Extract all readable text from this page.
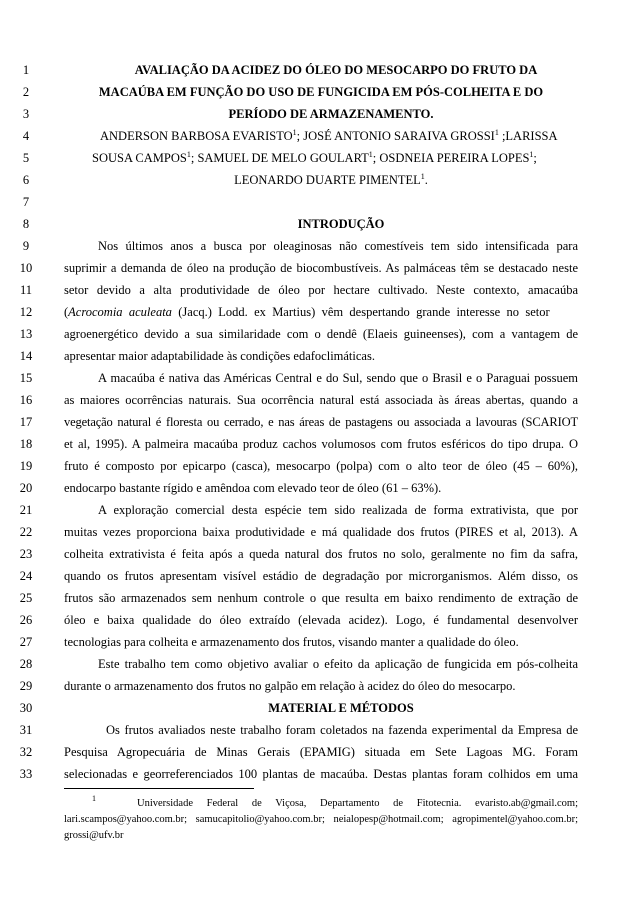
1	AVALIAÇÃO DA ACIDEZ DO ÓLEO DO MESOCARPO DO FRUTO DA
2	MACAÚBA EM FUNÇÃO DO USO DE FUNGICIDA EM PÓS-COLHEITA E DO
3	PERÍODO DE ARMAZENAMENTO.
4	ANDERSON BARBOSA EVARISTO$^1$; JOSÉ ANTONIO SARAIVA GROSSI$^1$ ;LARISSA
5	SOUSA CAMPOS$^1$; SAMUEL DE MELO GOULART$^1$; OSDNEIA PEREIRA LOPES$^1$;
6	LEONARDO DUARTE PIMENTEL$^1$.
7
8	INTRODUÇÃO
9	Nos últimos anos a busca por oleaginosas não comestíveis tem sido intensificada para
10	suprimir a demanda de óleo na produção de biocombustíveis. As palmáceas têm se destacado neste
11	setor devido a alta produtividade de óleo por hectare cultivado. Neste contexto, amacaúba
12	(Acrocomia aculeata (Jacq.) Lodd. ex Martius) vêm despertando grande interesse no setor
13	agroenergético devido a sua similaridade com o dendê (Elaeis guineenses), com a vantagem de
14	apresentar maior adaptabilidade às condições edafoclimáticas.
15	A macaúba é nativa das Américas Central e do Sul, sendo que o Brasil e o Paraguai possuem
16	as maiores ocorrências naturais. Sua ocorrência natural está associada às áreas abertas, quando a
17	vegetação natural é floresta ou cerrado, e nas áreas de pastagens ou associada a lavouras (SCARIOT
18	et al, 1995). A palmeira macaúba produz cachos volumosos com frutos esféricos do tipo drupa. O
19	fruto é composto por epicarpo (casca), mesocarpo (polpa) com o alto teor de óleo (45 – 60%),
20	endocarpo bastante rígido e amêndoa com elevado teor de óleo (61 – 63%).
21	A exploração comercial desta espécie tem sido realizada de forma extrativista, que por
22	muitas vezes proporciona baixa produtividade e má qualidade dos frutos (PIRES et al, 2013). A
23	colheita extrativista é feita após a queda natural dos frutos no solo, geralmente no fim da safra,
24	quando os frutos apresentam visível estádio de degradação por microrganismos. Além disso, os
25	frutos são armazenados sem nenhum controle o que resulta em baixo rendimento de extração de
26	óleo e baixa qualidade do óleo extraído (elevada acidez). Logo, é fundamental desenvolver
27	tecnologias para colheita e armazenamento dos frutos, visando manter a qualidade do óleo.
28	Este trabalho tem como objetivo avaliar o efeito da aplicação de fungicida em pós-colheita
29	durante o armazenamento dos frutos no galpão em relação à acidez do óleo do mesocarpo.
30	MATERIAL E MÉTODOS
31	Os frutos avaliados neste trabalho foram coletados na fazenda experimental da Empresa de
32	Pesquisa Agropecuária de Minas Gerais (EPAMIG) situada em Sete Lagoas MG. Foram
33	selecionadas e georreferenciados 100 plantas de macaúba. Destas plantas foram colhidos em uma
$^1$	Universidade Federal de Viçosa, Departamento de Fitotecnia. evaristo.ab@gmail.com;
lari.scampos@yahoo.com.br; samucapitolio@yahoo.com.br; neialopesp@hotmail.com; agropimentel@yahoo.com.br;
grossi@ufv.br
